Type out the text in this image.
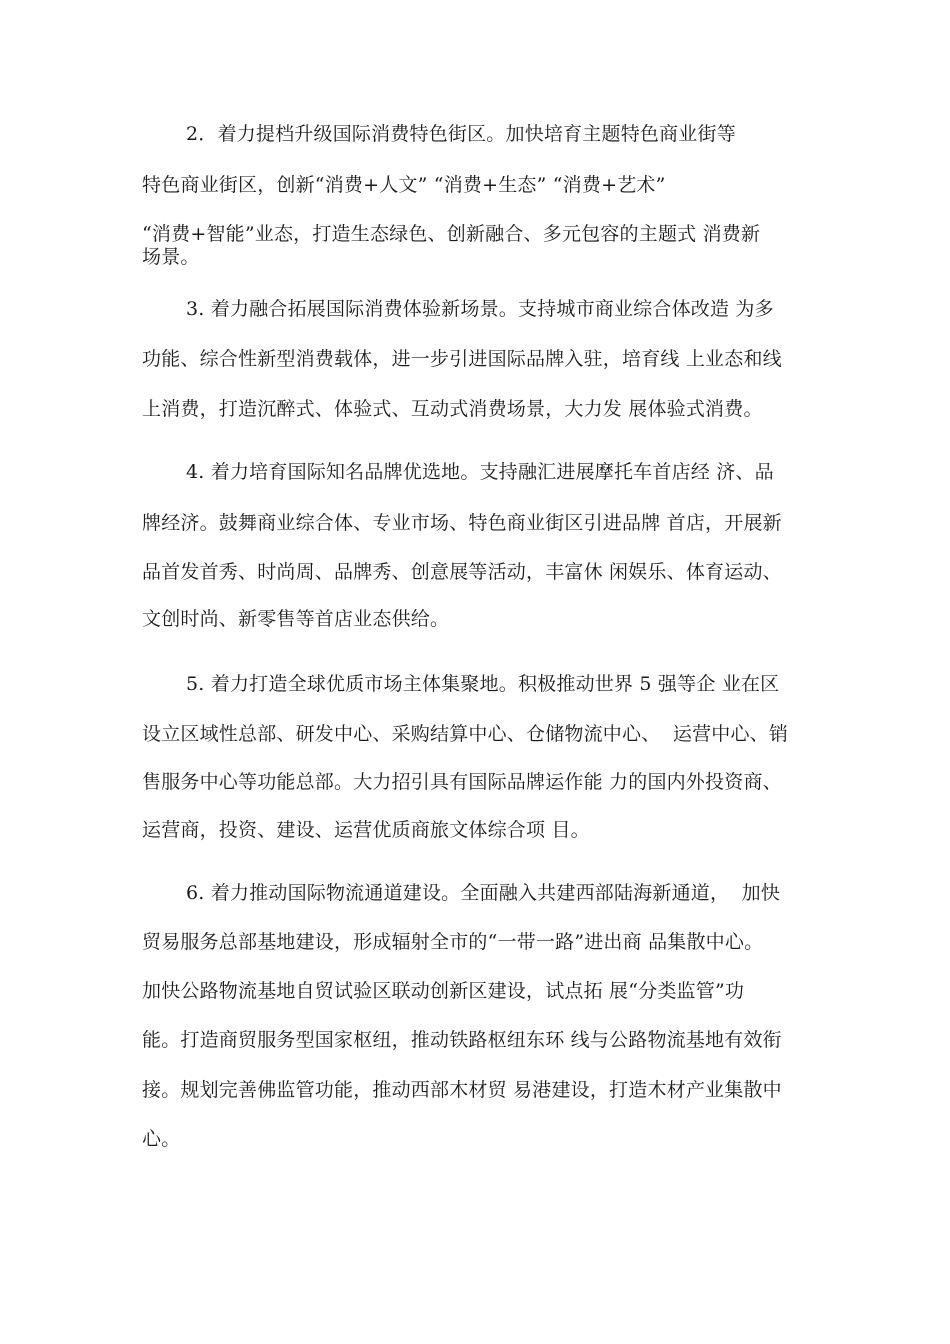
2．着力提档升级国际消费特色街区。加快培育主题特色商业街等
特色商业街区，创新“消费+人文” “消费+生态” “消费+艺术”
“消费+智能”业态，打造生态绿色、创新融合、多元包容的主题式 消费新
场景。
3. 着力融合拓展国际消费体验新场景。支持城市商业综合体改造 为多
功能、综合性新型消费载体，进一步引进国际品牌入驻，培育线 上业态和线
上消费，打造沉醉式、体验式、互动式消费场景，大力发 展体验式消费。
4. 着力培育国际知名品牌优选地。支持融汇进展摩托车首店经 济、品
牌经济。鼓舞商业综合体、专业市场、特色商业街区引进品牌 首店，开展新
品首发首秀、时尚周、品牌秀、创意展等活动，丰富休 闲娱乐、体育运动、
文创时尚、新零售等首店业态供给。
5. 着力打造全球优质市场主体集聚地。积极推动世界 5 强等企 业在区
设立区域性总部、研发中心、采购结算中心、仓储物流中心、  运营中心、销
售服务中心等功能总部。大力招引具有国际品牌运作能 力的国内外投资商、
运营商，投资、建设、运营优质商旅文体综合项 目。
6. 着力推动国际物流通道建设。全面融入共建西部陆海新通道，  加快
贸易服务总部基地建设，形成辐射全市的“一带一路”进出商 品集散中心。
加快公路物流基地自贸试验区联动创新区建设，试点拓 展“分类监管”功
能。打造商贸服务型国家枢纽，推动铁路枢纽东环 线与公路物流基地有效衔
接。规划完善佛监管功能，推动西部木材贸 易港建设，打造木材产业集散中
心。
